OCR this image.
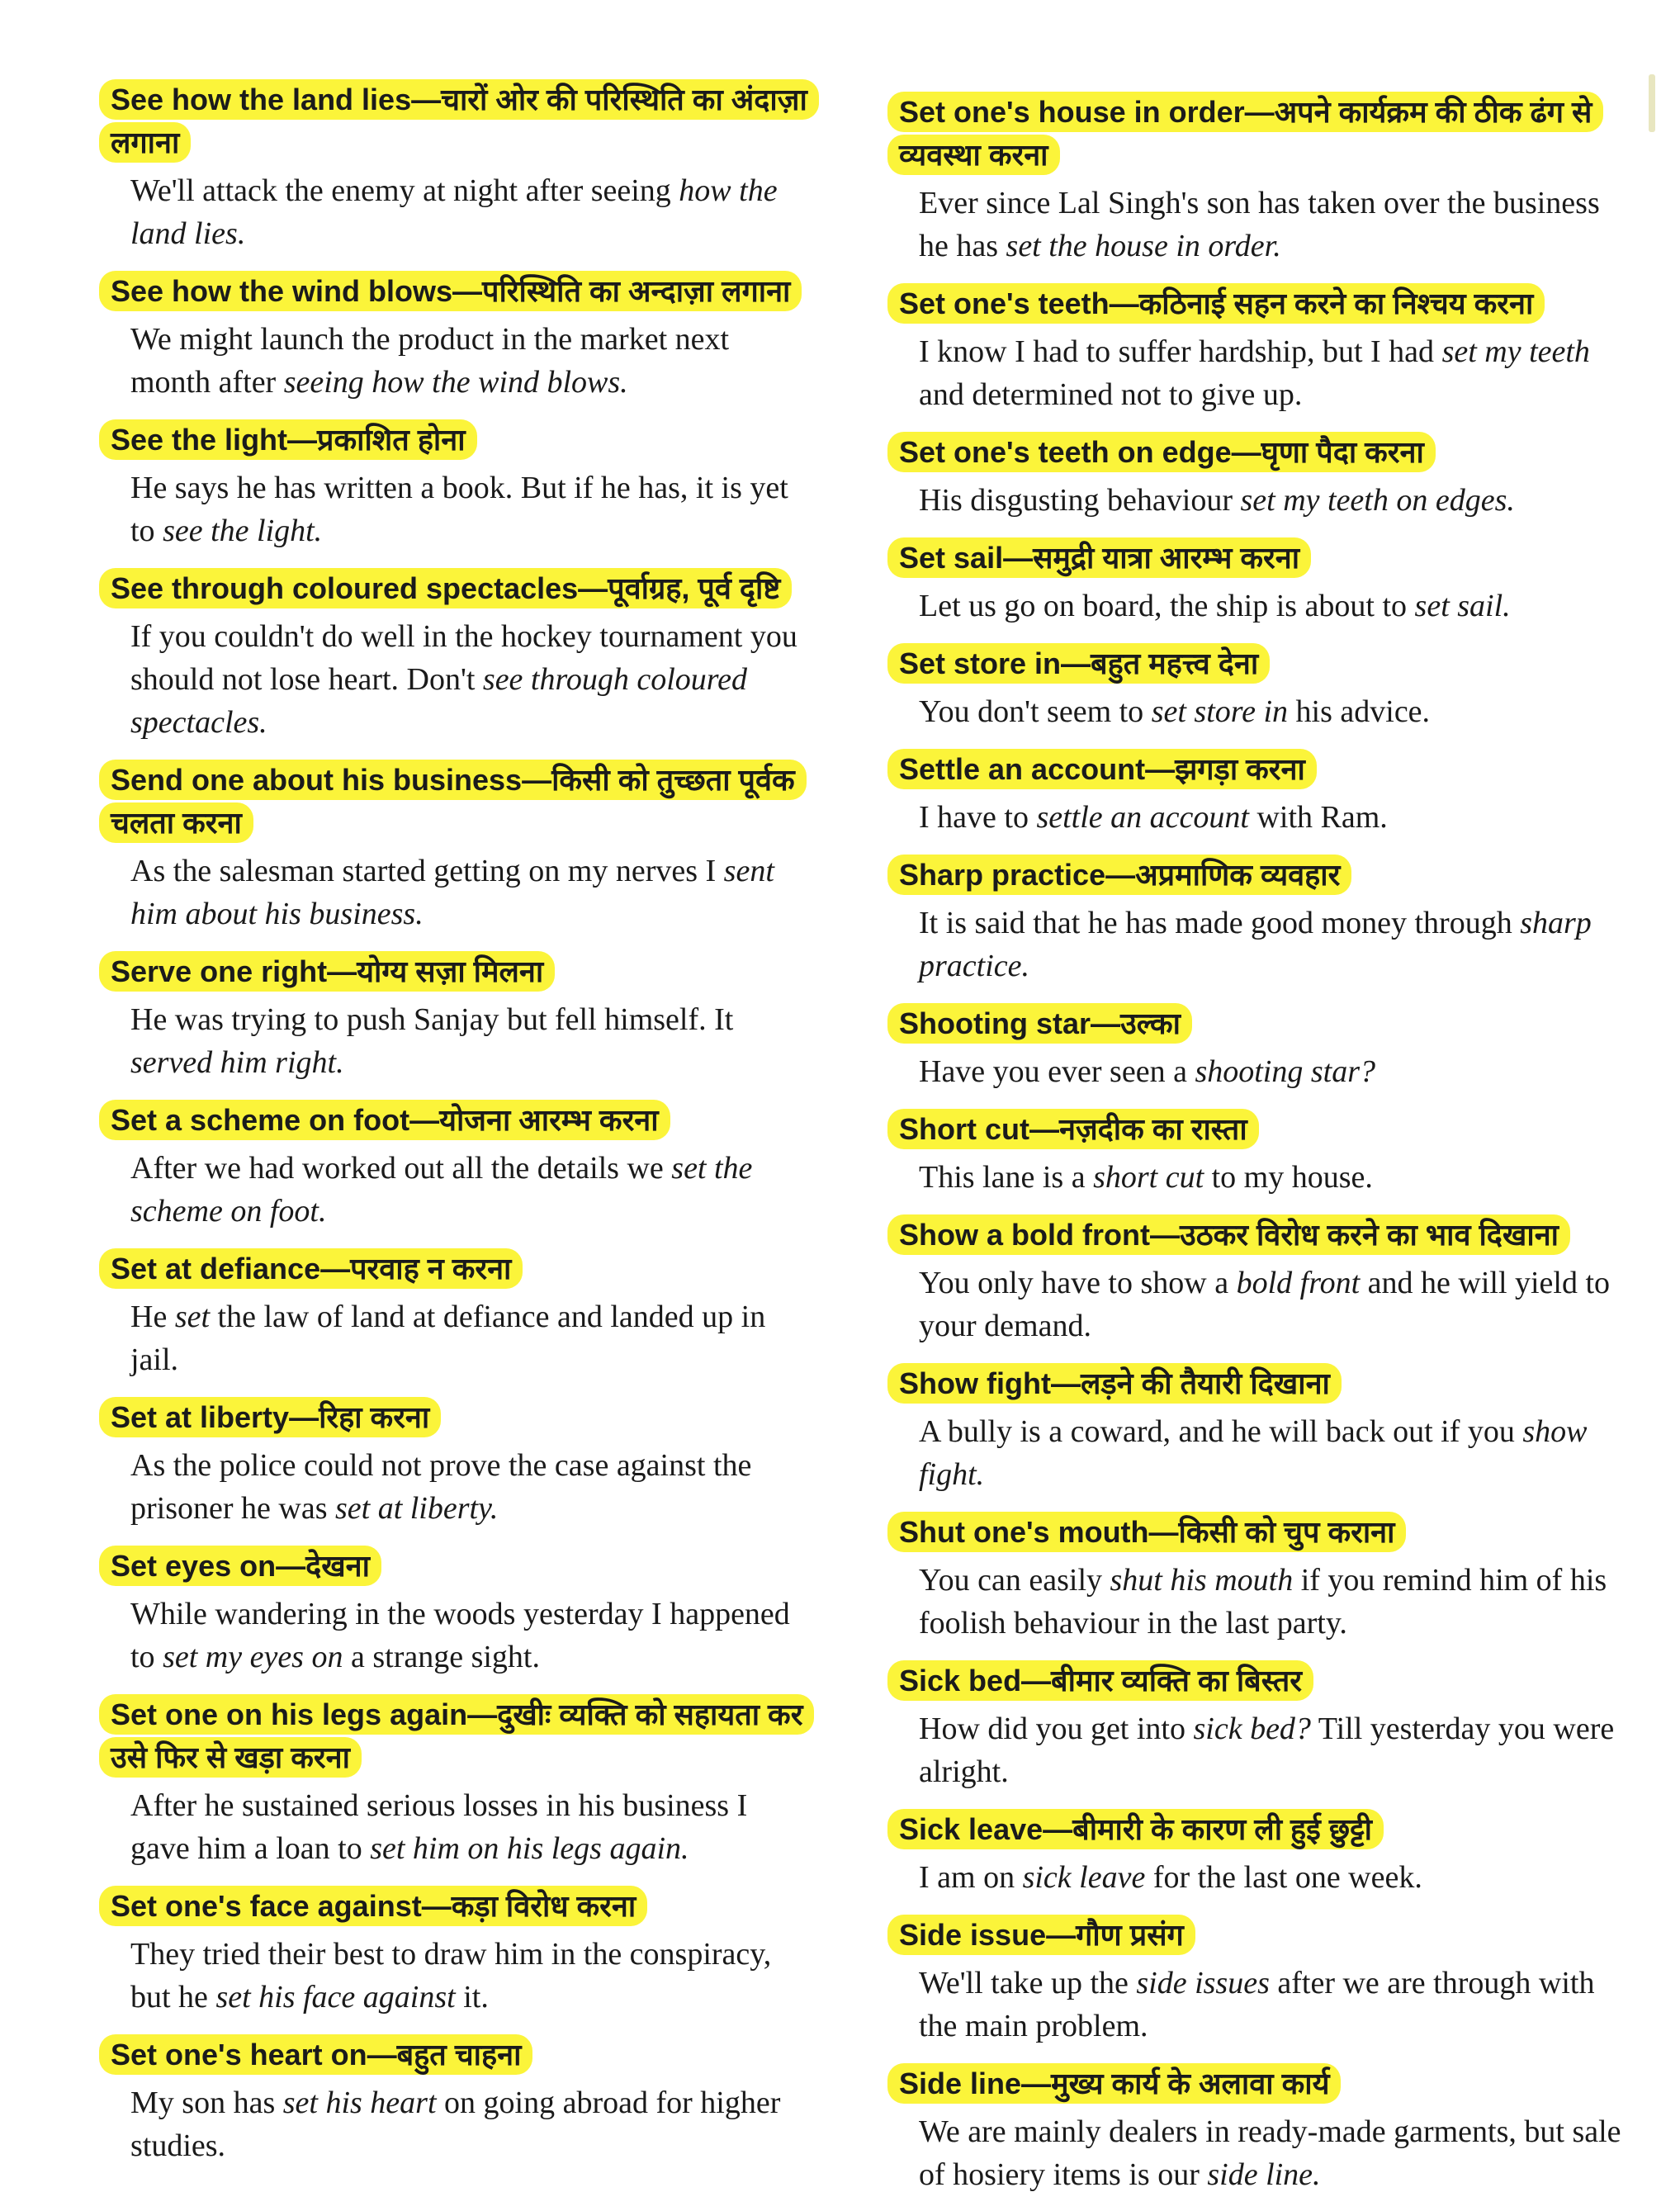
See how the land lies—चारों ओर की परिस्थिति का अंदाज़ा लगाना
We'll attack the enemy at night after seeing how the land lies.
See how the wind blows—परिस्थिति का अन्दाज़ा लगाना
We might launch the product in the market next month after seeing how the wind blows.
See the light—प्रकाशित होना
He says he has written a book. But if he has, it is yet to see the light.
See through coloured spectacles—पूर्वाग्रह, पूर्व दृष्टि
If you couldn't do well in the hockey tournament you should not lose heart. Don't see through coloured spectacles.
Send one about his business—किसी को तुच्छता पूर्वक चलता करना
As the salesman started getting on my nerves I sent him about his business.
Serve one right—योग्य सज़ा मिलना
He was trying to push Sanjay but fell himself. It served him right.
Set a scheme on foot—योजना आरम्भ करना
After we had worked out all the details we set the scheme on foot.
Set at defiance—परवाह न करना
He set the law of land at defiance and landed up in jail.
Set at liberty—रिहा करना
As the police could not prove the case against the prisoner he was set at liberty.
Set eyes on—देखना
While wandering in the woods yesterday I happened to set my eyes on a strange sight.
Set one on his legs again—दुखीः व्यक्ति को सहायता कर उसे फिर से खड़ा करना
After he sustained serious losses in his business I gave him a loan to set him on his legs again.
Set one's face against—कड़ा विरोध करना
They tried their best to draw him in the conspiracy, but he set his face against it.
Set one's heart on—बहुत चाहना
My son has set his heart on going abroad for higher studies.
Set one's house in order—अपने कार्यक्रम की ठीक ढंग से व्यवस्था करना
Ever since Lal Singh's son has taken over the business he has set the house in order.
Set one's teeth—कठिनाई सहन करने का निश्चय करना
I know I had to suffer hardship, but I had set my teeth and determined not to give up.
Set one's teeth on edge—घृणा पैदा करना
His disgusting behaviour set my teeth on edges.
Set sail—समुद्री यात्रा आरम्भ करना
Let us go on board, the ship is about to set sail.
Set store in—बहुत महत्त्व देना
You don't seem to set store in his advice.
Settle an account—झगड़ा करना
I have to settle an account with Ram.
Sharp practice—अप्रमाणिक व्यवहार
It is said that he has made good money through sharp practice.
Shooting star—उल्का
Have you ever seen a shooting star?
Short cut—नज़दीक का रास्ता
This lane is a short cut to my house.
Show a bold front—उठकर विरोध करने का भाव दिखाना
You only have to show a bold front and he will yield to your demand.
Show fight—लड़ने की तैयारी दिखाना
A bully is a coward, and he will back out if you show fight.
Shut one's mouth—किसी को चुप कराना
You can easily shut his mouth if you remind him of his foolish behaviour in the last party.
Sick bed—बीमार व्यक्ति का बिस्तर
How did you get into sick bed? Till yesterday you were alright.
Sick leave—बीमारी के कारण ली हुई छुट्टी
I am on sick leave for the last one week.
Side issue—गौण प्रसंग
We'll take up the side issues after we are through with the main problem.
Side line—मुख्य कार्य के अलावा कार्य
We are mainly dealers in ready-made garments, but sale of hosiery items is our side line.
